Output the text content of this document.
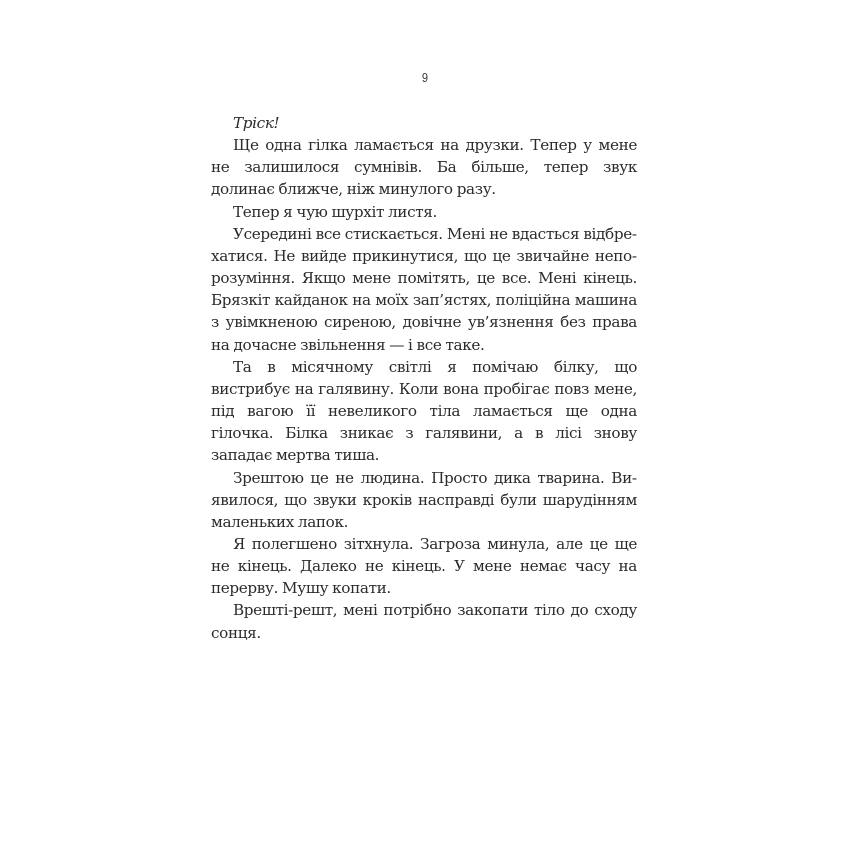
9

Тріск!

Ще одна гілка ламається на друзки. Тепер у мене не залишилося сумнівів. Ба більше, тепер звук долинає ближче, ніж минулого разу.

Тепер я чую шурхіт листя.

Усередині все стискається. Мені не вдасться відбрехатися. Не вийде прикинутися, що це звичайне непорозуміння. Якщо мене помітять, це все. Мені кінець. Брязкіт кайданок на моїх зап’ястях, поліційна машина з увімкненою сиреною, довічне ув’язнення без права на дочасне звільнення — і все таке.

Та в місячному світлі я помічаю білку, що вистрибує на галявину. Коли вона пробігає повз мене, під вагою її невеликого тіла ламається ще одна гілочка. Білка зникає з галявини, а в лісі знову западає мертва тиша.

Зрештою це не людина. Просто дика тварина. Виявилося, що звуки кроків насправді були шарудінням маленьких лапок.

Я полегшено зітхнула. Загроза минула, але це ще не кінець. Далеко не кінець. У мене немає часу на перерву. Мушу копати.

Врешті-решт, мені потрібно закопати тіло до сходу сонця.
